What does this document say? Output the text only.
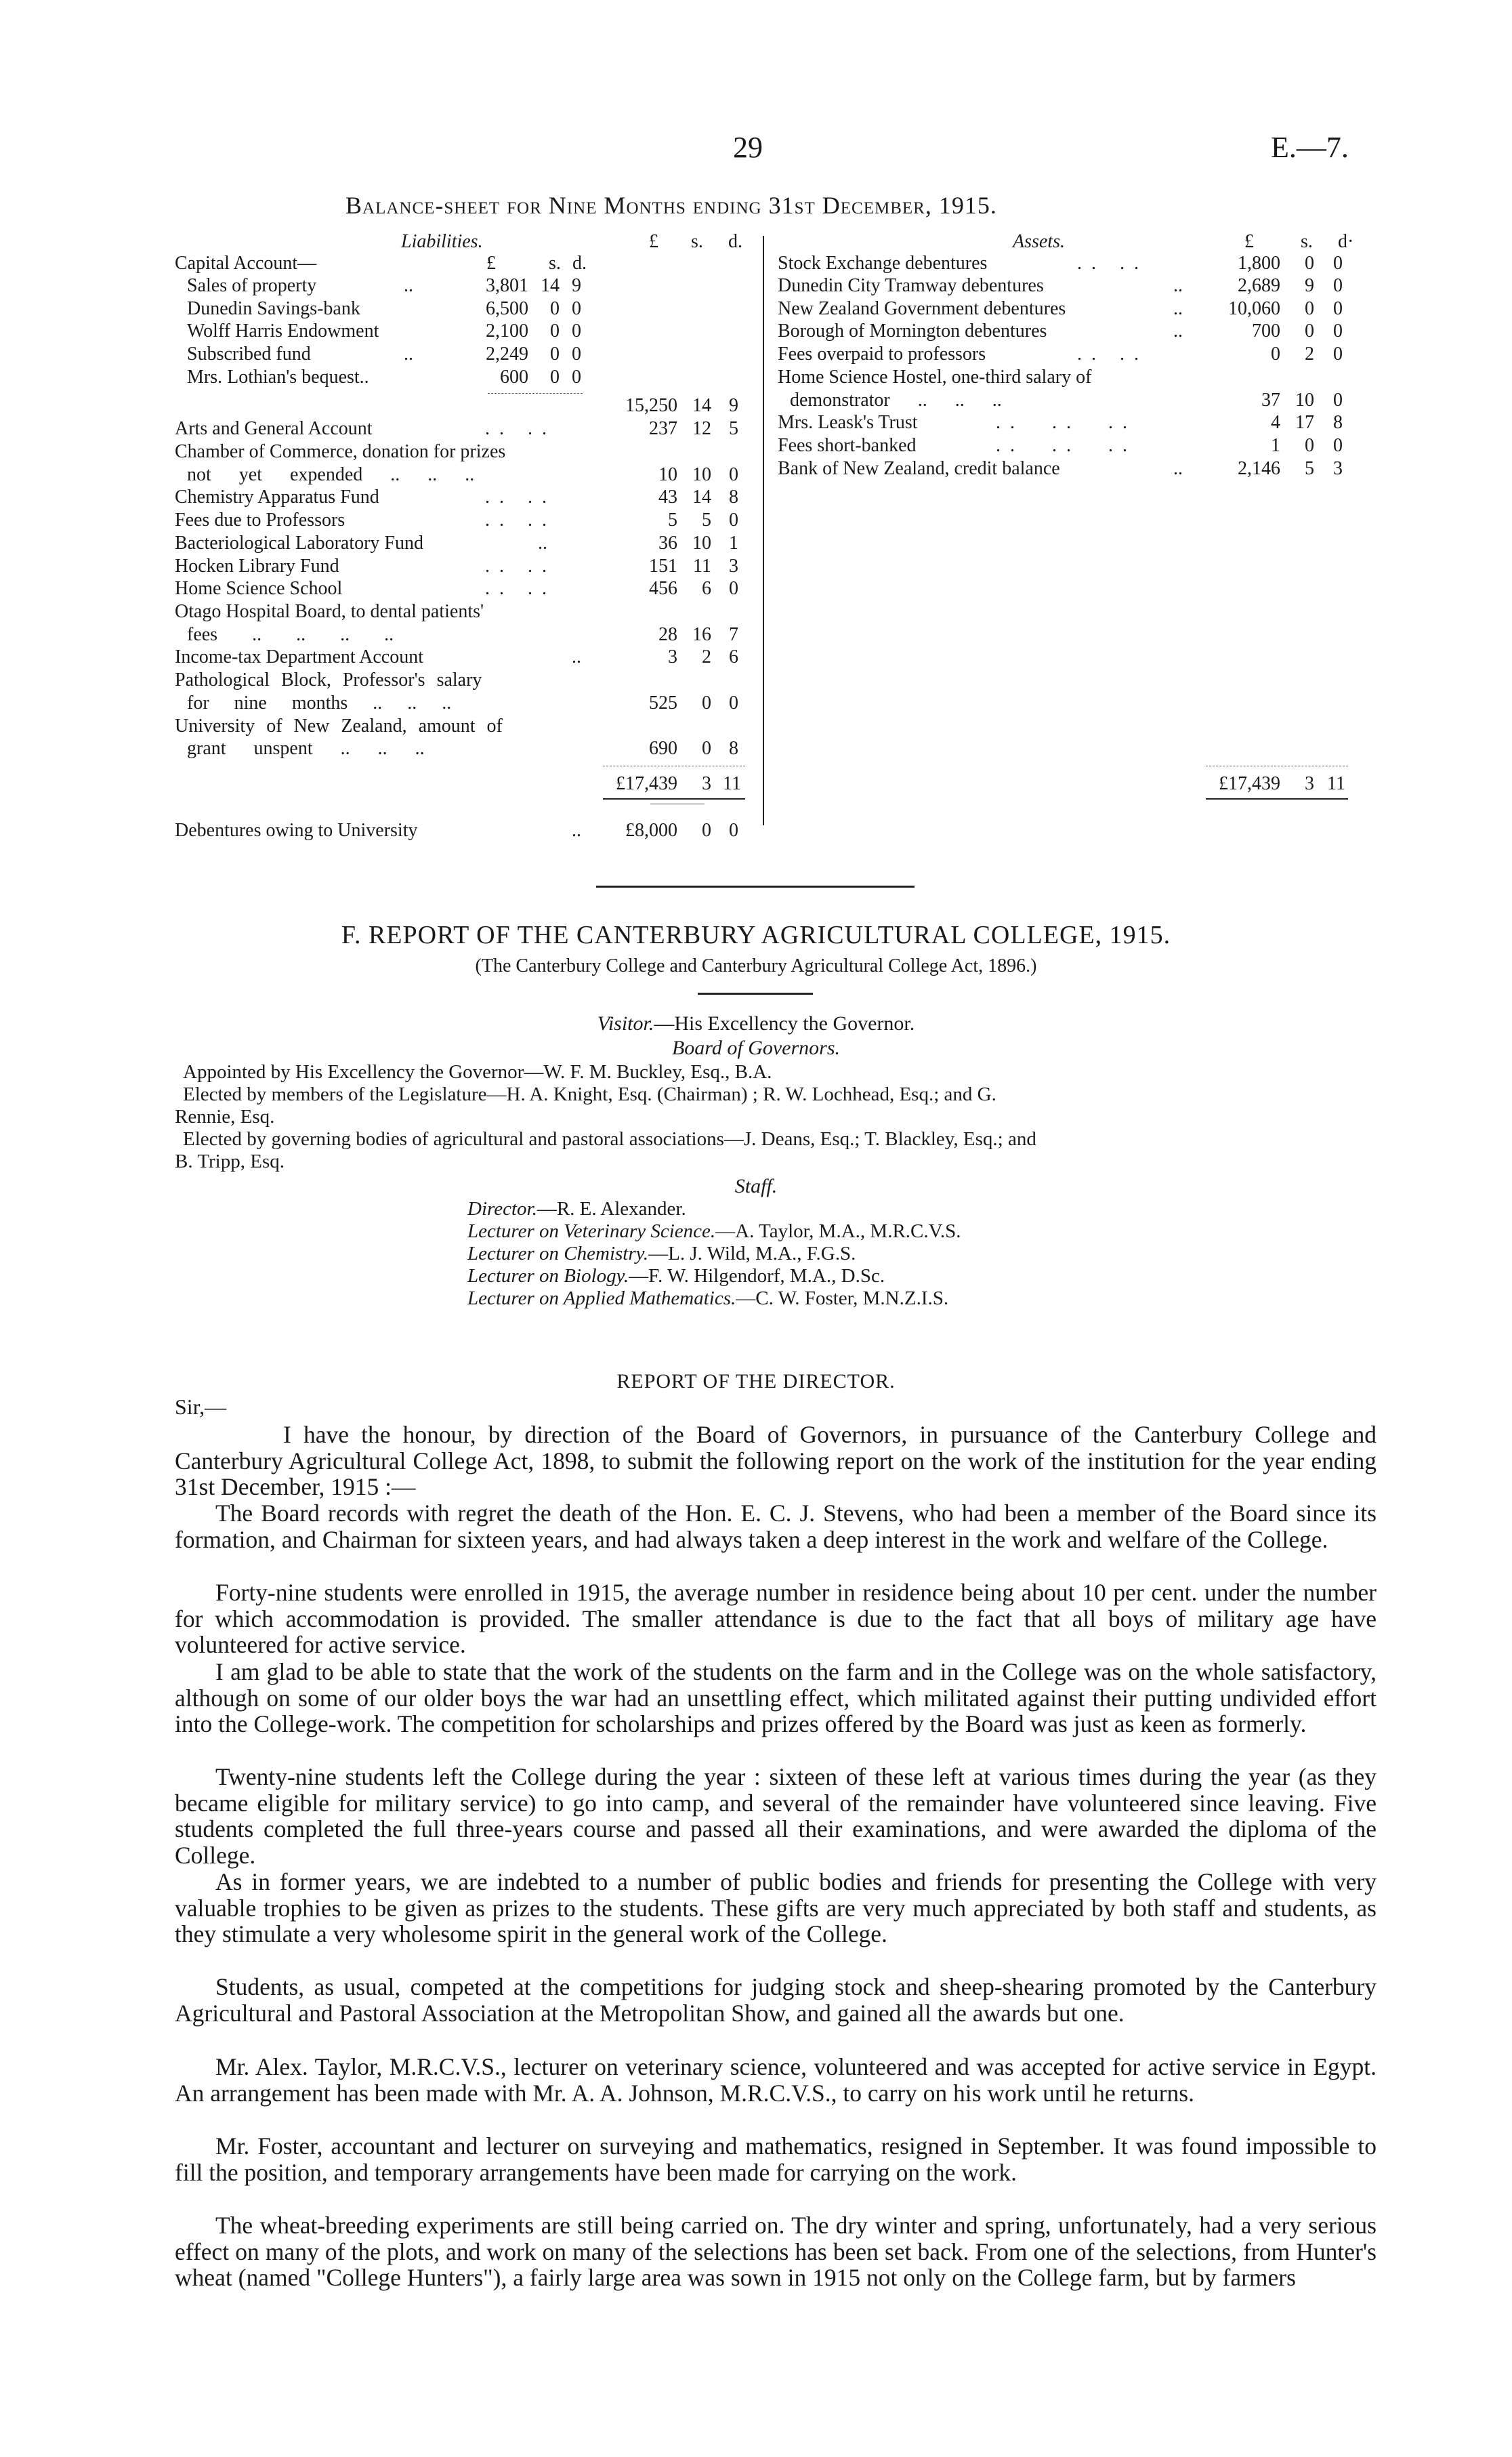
29	E.—7.
Balance-sheet for Nine Months ending 31st December, 1915.
Liabilities.	£ s. d.	Assets.	£ s. d·
Capital Account—	£	s. d.
Sales of property	..	3,801 14 9
Dunedin Savings-bank	6,500	0 0
Wolff Harris Endowment	2,100	0 0
Subscribed fund	..	2,249	0 0
Mrs. Lothian's bequest..	600	0 0
15,250 14 9
Arts and General Account	.. ..	237 12 5
Chamber of Commerce, donation for prizes
not yet expended .. .. ..	10 10 0
Chemistry Apparatus Fund	.. ..	43 14 8
Fees due to Professors	.. ..	5	5 0
Bacteriological Laboratory Fund	..	36 10 1
Hocken Library Fund	.. ..	151 11 3
Home Science School	.. ..	456	6 0
Otago Hospital Board, to dental patients'
fees .. .. .. ..	28 16 7
Income-tax Department Account	..	3	2 6
Pathological Block, Professor's salary
for nine months .. .. ..	525	0 0
University of New Zealand, amount of
grant unspent .. .. ..	690	0 8
£17,439	3 11
Debentures owing to University	..	£8,000	0 0
Stock Exchange debentures	.. ..	1,800	0	0
Dunedin City Tramway debentures	..	2,689	9	0
New Zealand Government debentures	..	10,060	0	0
Borough of Mornington debentures	..	700	0	0
Fees overpaid to professors	.. ..	0	2	0
Home Science Hostel, one-third salary of
demonstrator .. .. ..	37 10	0
Mrs. Leask's Trust	.. .. ..	4 17	8
Fees short-banked	.. .. ..	1	0	0
Bank of New Zealand, credit balance	..	2,146	5	3
£17,439	3 11
F. REPORT OF THE CANTERBURY AGRICULTURAL COLLEGE, 1915.
(The Canterbury College and Canterbury Agricultural College Act, 1896.)
Visitor.—His Excellency the Governor.
Board of Governors.
Appointed by His Excellency the Governor—W. F. M. Buckley, Esq., B.A.
Elected by members of the Legislature—H. A. Knight, Esq. (Chairman) ; R. W. Lochhead, Esq.; and G.
Rennie, Esq.
Elected by governing bodies of agricultural and pastoral associations—J. Deans, Esq.; T. Blackley, Esq.; and
B. Tripp, Esq.
Staff.
Director.—R. E. Alexander.
Lecturer on Veterinary Science.—A. Taylor, M.A., M.R.C.V.S.
Lecturer on Chemistry.—L. J. Wild, M.A., F.G.S.
Lecturer on Biology.—F. W. Hilgendorf, M.A., D.Sc.
Lecturer on Applied Mathematics.—C. W. Foster, M.N.Z.I.S.
REPORT OF THE DIRECTOR.
Sir,—

I have the honour, by direction of the Board of Governors, in pursuance of the Canterbury College and Canterbury Agricultural College Act, 1898, to submit the following report on the work of the institution for the year ending 31st December, 1915 :—

The Board records with regret the death of the Hon. E. C. J. Stevens, who had been a member of the Board since its formation, and Chairman for sixteen years, and had always taken a deep interest in the work and welfare of the College.

Forty-nine students were enrolled in 1915, the average number in residence being about 10 per cent. under the number for which accommodation is provided. The smaller attendance is due to the fact that all boys of military age have volunteered for active service.

I am glad to be able to state that the work of the students on the farm and in the College was on the whole satisfactory, although on some of our older boys the war had an unsettling effect, which militated against their putting undivided effort into the College-work. The competition for scholarships and prizes offered by the Board was just as keen as formerly.

Twenty-nine students left the College during the year : sixteen of these left at various times during the year (as they became eligible for military service) to go into camp, and several of the remainder have volunteered since leaving. Five students completed the full three-years course and passed all their examinations, and were awarded the diploma of the College.

As in former years, we are indebted to a number of public bodies and friends for presenting the College with very valuable trophies to be given as prizes to the students. These gifts are very much appreciated by both staff and students, as they stimulate a very wholesome spirit in the general work of the College.

Students, as usual, competed at the competitions for judging stock and sheep-shearing promoted by the Canterbury Agricultural and Pastoral Association at the Metropolitan Show, and gained all the awards but one.

Mr. Alex. Taylor, M.R.C.V.S., lecturer on veterinary science, volunteered and was accepted for active service in Egypt. An arrangement has been made with Mr. A. A. Johnson, M.R.C.V.S., to carry on his work until he returns.

Mr. Foster, accountant and lecturer on surveying and mathematics, resigned in September. It was found impossible to fill the position, and temporary arrangements have been made for carrying on the work.

The wheat-breeding experiments are still being carried on. The dry winter and spring, unfortunately, had a very serious effect on many of the plots, and work on many of the selections has been set back. From one of the selections, from Hunter's wheat (named "College Hunters"), a fairly large area was sown in 1915 not only on the College farm, but by farmers
